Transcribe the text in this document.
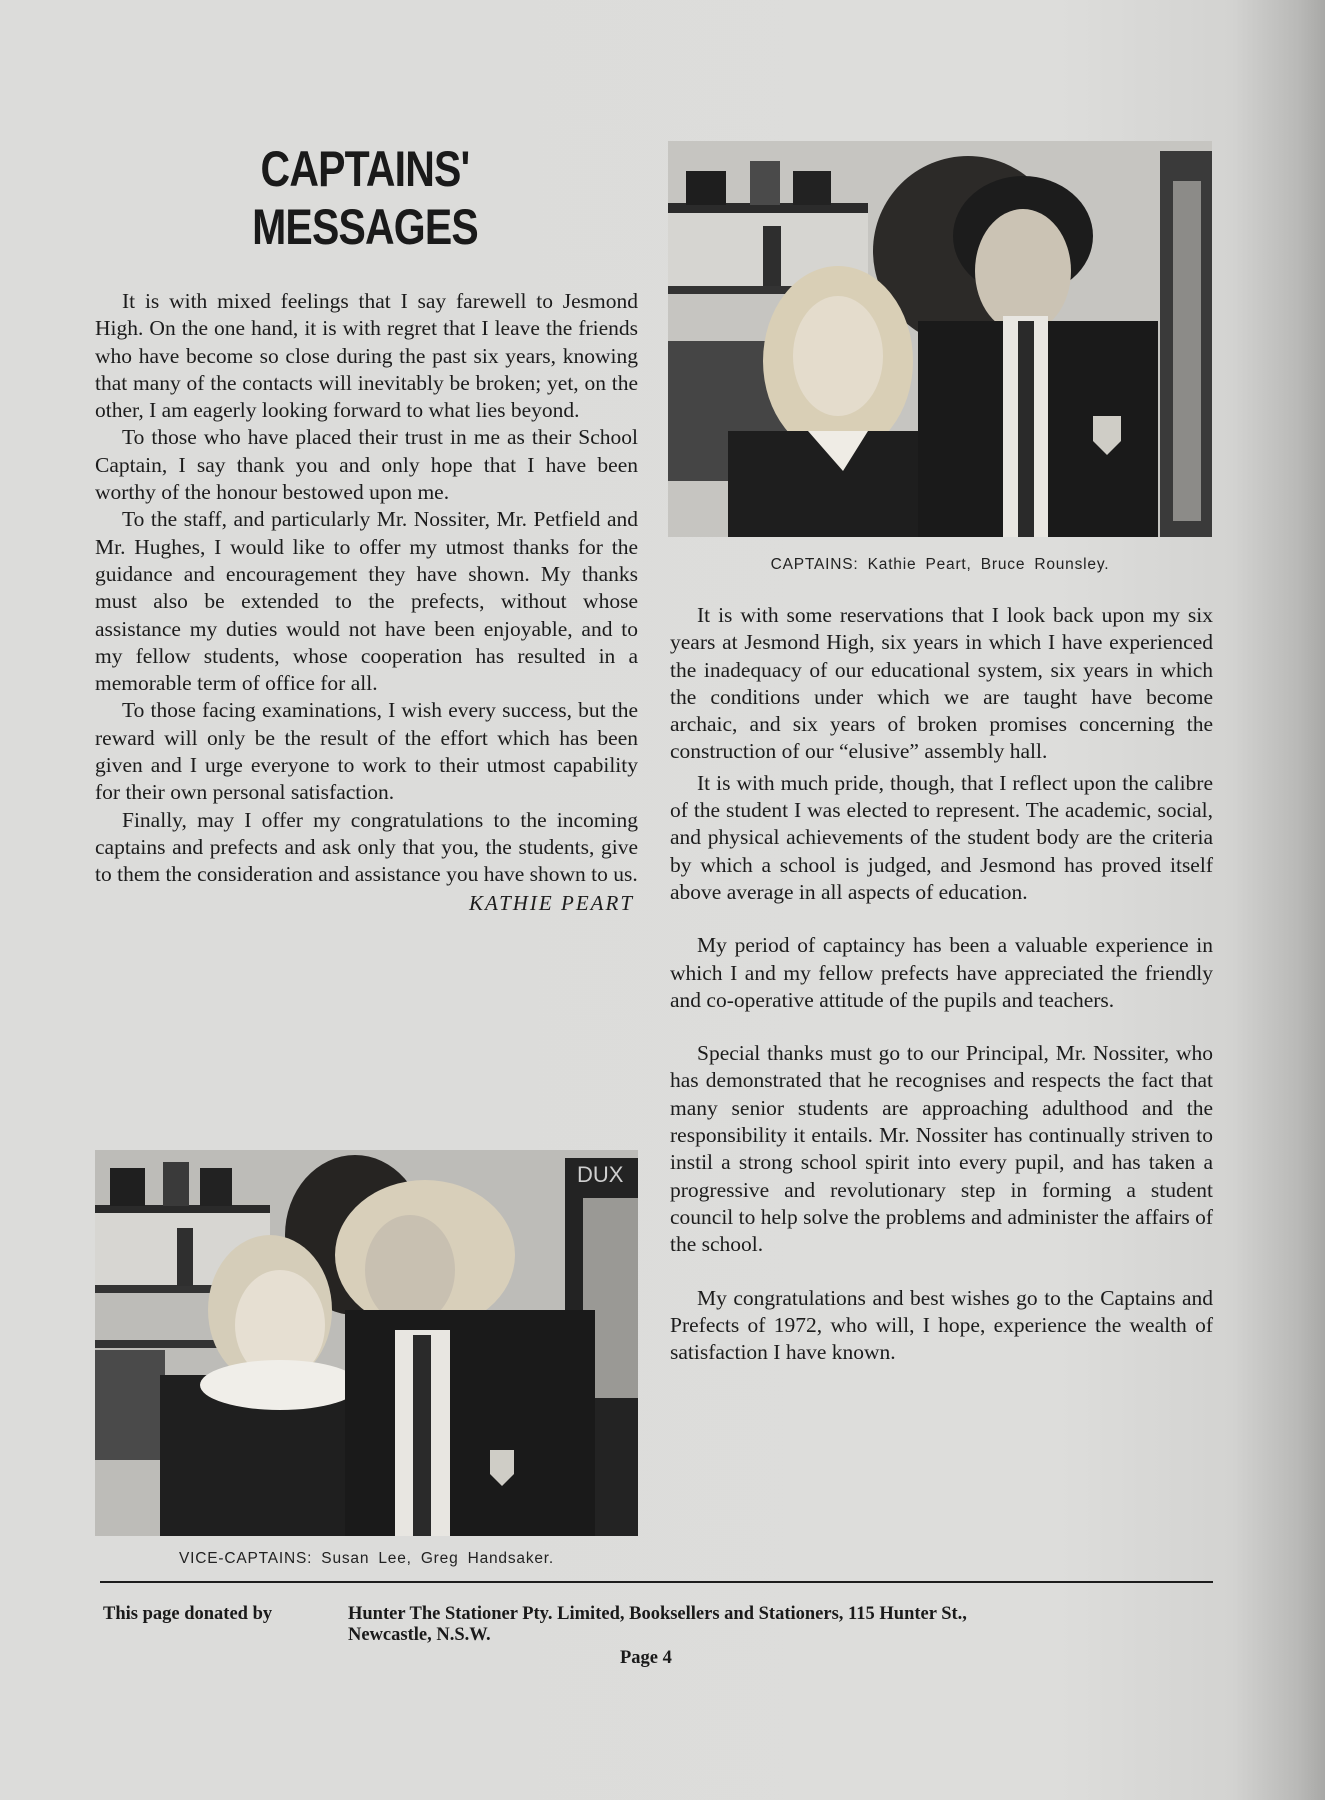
CAPTAINS'
MESSAGES

It is with mixed feelings that I say farewell to Jesmond High. On the one hand, it is with regret that I leave the friends who have become so close during the past six years, knowing that many of the contacts will inevitably be broken; yet, on the other, I am eagerly looking forward to what lies beyond.

To those who have placed their trust in me as their School Captain, I say thank you and only hope that I have been worthy of the honour bestowed upon me.

To the staff, and particularly Mr. Nossiter, Mr. Petfield and Mr. Hughes, I would like to offer my utmost thanks for the guidance and encouragement they have shown. My thanks must also be extended to the prefects, without whose assistance my duties would not have been enjoyable, and to my fellow students, whose cooperation has resulted in a memorable term of office for all.

To those facing examinations, I wish every success, but the reward will only be the result of the effort which has been given and I urge everyone to work to their utmost capability for their own personal satisfaction.

Finally, may I offer my congratulations to the incoming captains and prefects and ask only that you, the students, give to them the consideration and assistance you have shown to us.

KATHIE PEART
CAPTAINS: Kathie Peart, Bruce Rounsley.

It is with some reservations that I look back upon my six years at Jesmond High, six years in which I have experienced the inadequacy of our educational system, six years in which the conditions under which we are taught have become archaic, and six years of broken promises concerning the construction of our “elusive” assembly hall.

It is with much pride, though, that I reflect upon the calibre of the student I was elected to represent. The academic, social, and physical achievements of the student body are the criteria by which a school is judged, and Jesmond has proved itself above average in all aspects of education.

My period of captaincy has been a valuable experience in which I and my fellow prefects have appreciated the friendly and co-operative attitude of the pupils and teachers.

Special thanks must go to our Principal, Mr. Nossiter, who has demonstrated that he recognises and respects the fact that many senior students are approaching adulthood and the responsibility it entails. Mr. Nossiter has continually striven to instil a strong school spirit into every pupil, and has taken a progressive and revolutionary step in forming a student council to help solve the problems and administer the affairs of the school.

My congratulations and best wishes go to the Captains and Prefects of 1972, who will, I hope, experience the wealth of satisfaction I have known.

DUX
VICE-CAPTAINS: Susan Lee, Greg Handsaker.
This page donated by	Hunter The Stationer Pty. Limited, Booksellers and Stationers, 115 Hunter St.,
Newcastle, N.S.W.
Page 4
